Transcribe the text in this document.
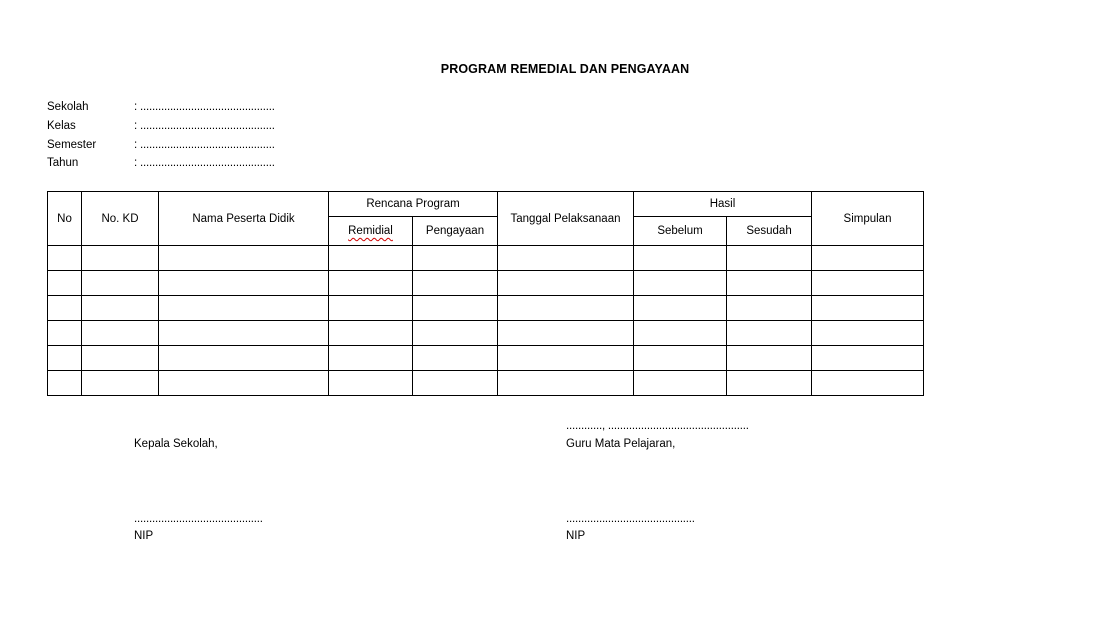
PROGRAM REMEDIAL DAN PENGAYAAN
Sekolah	: .............................................
Kelas	: .............................................
Semester	: .............................................
Tahun	: .............................................
No	No. KD	Nama Peserta Didik	Rencana Program		Tanggal Pelaksanaan	Hasil		Simpulan
			Remidial	Pengayaan		Sebelum	Sesudah	

............, ...............................................
Kepala Sekolah,	Guru Mata Pelajaran,
...........................................	...........................................
NIP	NIP
